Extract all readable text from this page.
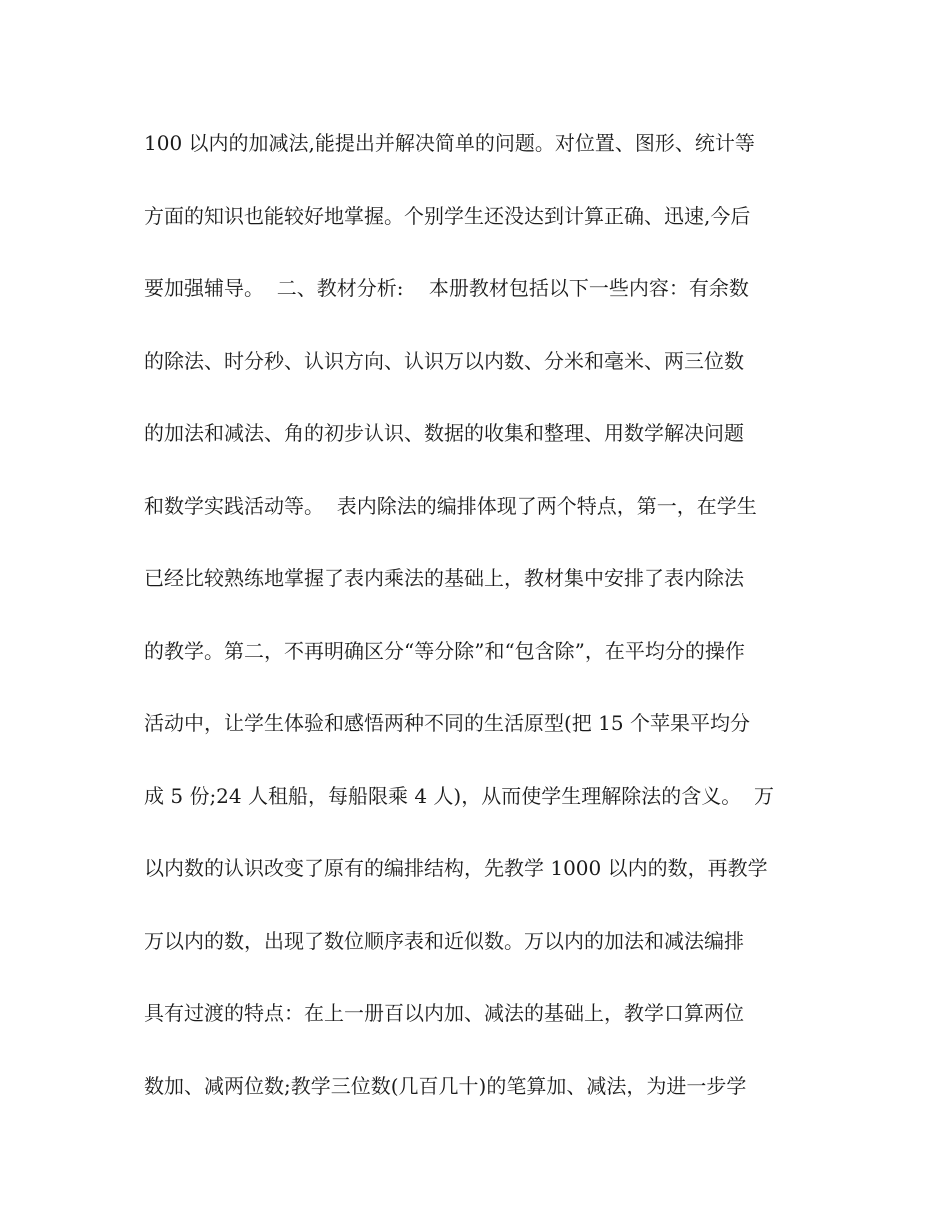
100 以内的加减法,能提出并解决简单的问题。对位置、图形、统计等
方面的知识也能较好地掌握。个别学生还没达到计算正确、迅速,今后
要加强辅导。  二、教材分析:    本册教材包括以下一些内容：有余数
的除法、时分秒、认识方向、认识万以内数、分米和毫米、两三位数
的加法和减法、角的初步认识、数据的收集和整理、用数学解决问题
和数学实践活动等。  表内除法的编排体现了两个特点，第一，在学生
已经比较熟练地掌握了表内乘法的基础上，教材集中安排了表内除法
的教学。第二，不再明确区分“等分除”和“包含除”，在平均分的操作
活动中，让学生体验和感悟两种不同的生活原型(把 15 个苹果平均分
成 5 份;24 人租船，每船限乘 4 人)，从而使学生理解除法的含义。  万
以内数的认识改变了原有的编排结构，先教学 1000 以内的数，再教学
万以内的数，出现了数位顺序表和近似数。万以内的加法和减法编排
具有过渡的特点：在上一册百以内加、减法的基础上，教学口算两位
数加、减两位数;教学三位数(几百几十)的笔算加、减法，为进一步学
